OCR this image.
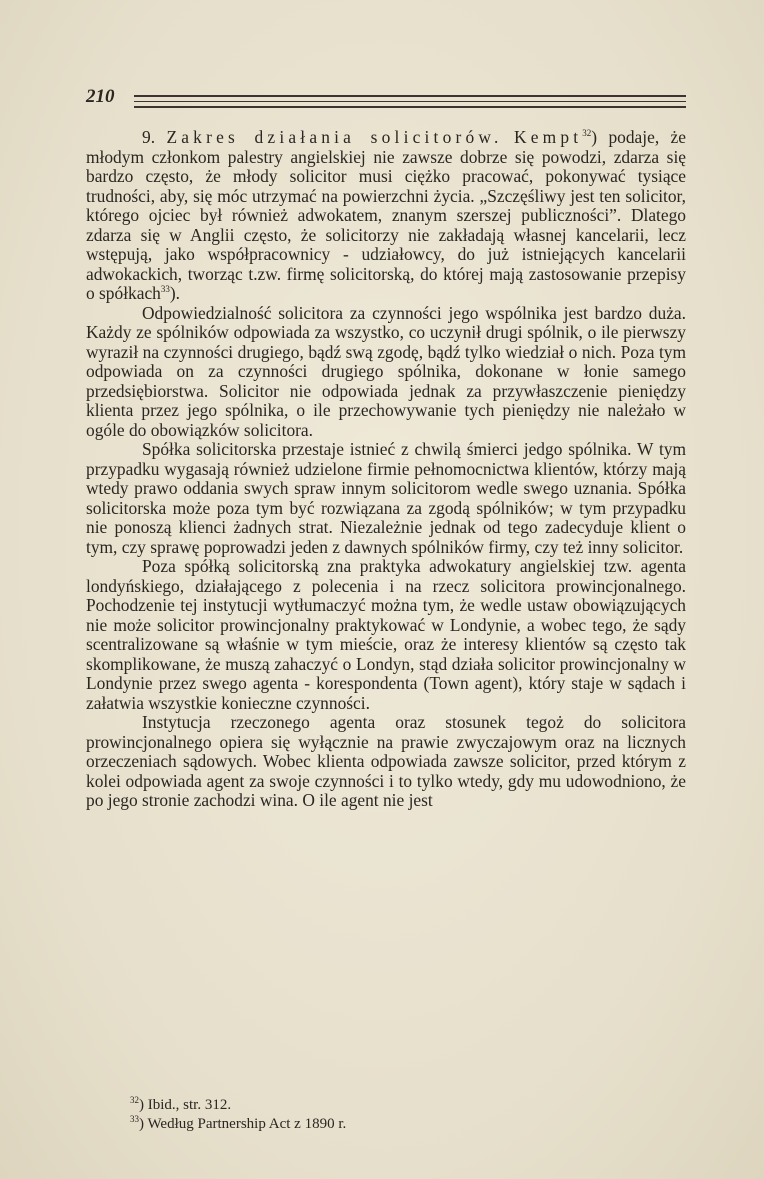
210

9. Zakres działania solicitorów. Kempt$^{32}$) podaje, że młodym członkom palestry angielskiej nie zawsze dobrze się powodzi, zdarza się bardzo często, że młody solicitor musi ciężko pracować, pokonywać tysiące trudności, aby, się móc utrzymać na powierzchni życia. „Szczęśliwy jest ten solicitor, którego ojciec był również adwokatem, znanym szerszej publiczności”. Dlatego zdarza się w Anglii często, że solicitorzy nie zakładają własnej kancelarii, lecz wstępują, jako współpracownicy - udziałowcy, do już istniejących kancelarii adwokackich, tworząc t.zw. firmę solicitorską, do której mają zastosowanie przepisy o spółkach$^{33}$).

Odpowiedzialność solicitora za czynności jego wspólnika jest bardzo duża. Każdy ze spólników odpowiada za wszystko, co uczynił drugi spólnik, o ile pierwszy wyraził na czynności drugiego, bądź swą zgodę, bądź tylko wiedział o nich. Poza tym odpowiada on za czynności drugiego spólnika, dokonane w łonie samego przedsiębiorstwa. Solicitor nie odpowiada jednak za przywłaszczenie pieniędzy klienta przez jego spólnika, o ile przechowywanie tych pieniędzy nie należało w ogóle do obowiązków solicitora.

Spółka solicitorska przestaje istnieć z chwilą śmierci jedgo spólnika. W tym przypadku wygasają również udzielone firmie pełnomocnictwa klientów, którzy mają wtedy prawo oddania swych spraw innym solicitorom wedle swego uznania. Spółka solicitorska może poza tym być rozwiązana za zgodą spólników; w tym przypadku nie ponoszą klienci żadnych strat. Niezależnie jednak od tego zadecyduje klient o tym, czy sprawę poprowadzi jeden z dawnych spólników firmy, czy też inny solicitor.

Poza spółką solicitorską zna praktyka adwokatury angielskiej tzw. agenta londyńskiego, działającego z polecenia i na rzecz solicitora prowincjonalnego. Pochodzenie tej instytucji wytłumaczyć można tym, że wedle ustaw obowiązujących nie może solicitor prowincjonalny praktykować w Londynie, a wobec tego, że sądy scentralizowane są właśnie w tym mieście, oraz że interesy klientów są często tak skomplikowane, że muszą zahaczyć o Londyn, stąd działa solicitor prowincjonalny w Londynie przez swego agenta - korespondenta (Town agent), który staje w sądach i załatwia wszystkie konieczne czynności.

Instytucja rzeczonego agenta oraz stosunek tegoż do solicitora prowincjonalnego opiera się wyłącznie na prawie zwyczajowym oraz na licznych orzeczeniach sądowych. Wobec klienta odpowiada zawsze solicitor, przed którym z kolei odpowiada agent za swoje czynności i to tylko wtedy, gdy mu udowodniono, że po jego stronie zachodzi wina. O ile agent nie jest

$^{32}$) Ibid., str. 312.
$^{33}$) Według Partnership Act z 1890 r.
